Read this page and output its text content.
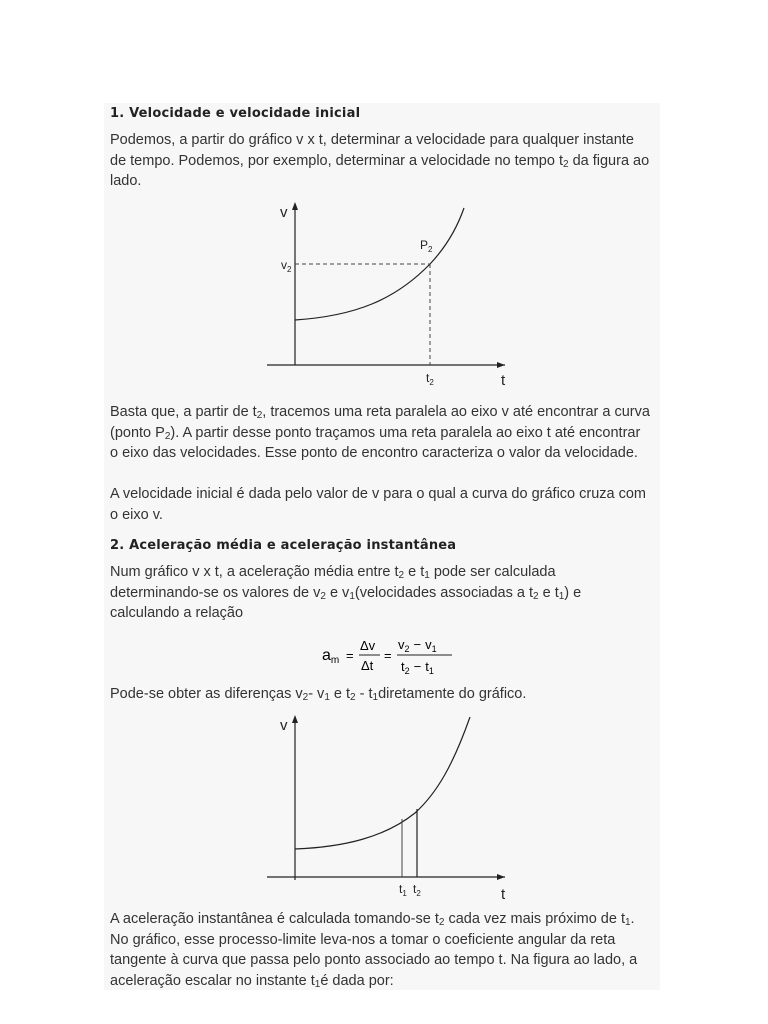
1. Velocidade e velocidade inicial

Podemos, a partir do gráfico v x t, determinar a velocidade para qualquer instante de tempo. Podemos, por exemplo, determinar a velocidade no tempo $t_2$ da figura ao lado.

v
t
$P_2$
$v_2$
$t_2$

Basta que, a partir de $t_2$, tracemos uma reta paralela ao eixo v até encontrar a curva (ponto $P_2$). A partir desse ponto traçamos uma reta paralela ao eixo t até encontrar o eixo das velocidades. Esse ponto de encontro caracteriza o valor da velocidade.

A velocidade inicial é dada pelo valor de v para o qual a curva do gráfico cruza com o eixo v.

2. Aceleração média e aceleração instantânea

Num gráfico v x t, a aceleração média entre $t_2$ e $t_1$ pode ser calculada determinando-se os valores de $v_2$ e $v_1(velocidades$ associadas a $t_2$ e $t_1$) e calculando a relação

Pode-se obter as diferenças $v_2-$ $v_1$ e $t_2$ - $t_1diretamente$ do gráfico.

v
t
$t_1$ $t_2$

A aceleração instantânea é calculada tomando-se $t_2$ cada vez mais próximo de $t_1$. No gráfico, esse processo-limite leva-nos a tomar o coeficiente angular da reta tangente à curva que passa pelo ponto associado ao tempo t. Na figura ao lado, a aceleração escalar no instante $t_1é$ dada por:

am =
Δv
Δt
=
$v_2 - v_1$
$t_2 - t_1$
